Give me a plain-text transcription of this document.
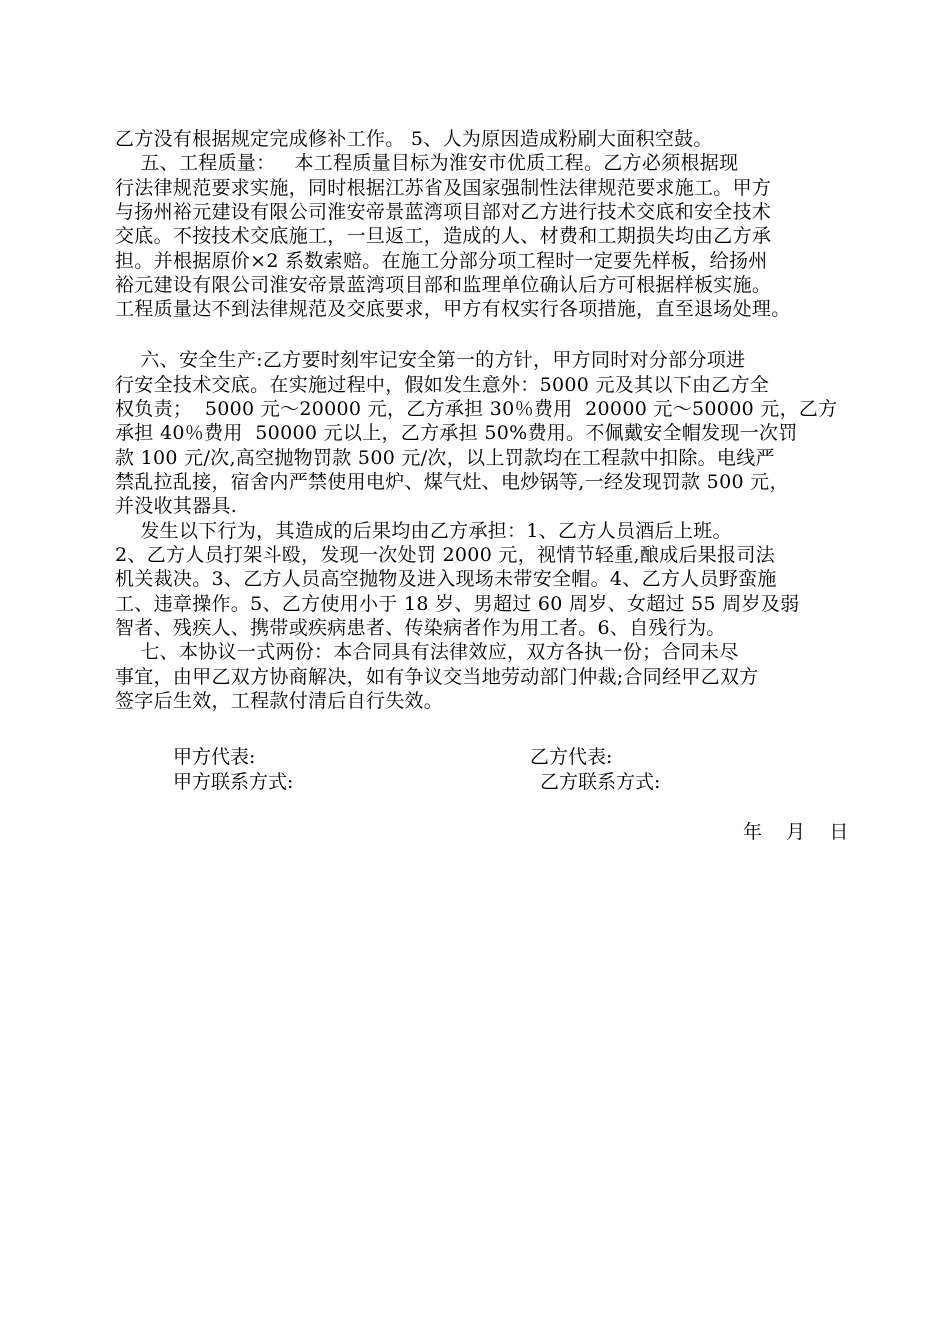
乙方没有根据规定完成修补工作。 5、人为原因造成粉刷大面积空鼓。
五、工程质量：   本工程质量目标为淮安市优质工程。乙方必须根据现
行法律规范要求实施，同时根据江苏省及国家强制性法律规范要求施工。甲方
与扬州裕元建设有限公司淮安帝景蓝湾项目部对乙方进行技术交底和安全技术
交底。不按技术交底施工，一旦返工，造成的人、材费和工期损失均由乙方承
担。并根据原价×2 系数索赔。在施工分部分项工程时一定要先样板，给扬州
裕元建设有限公司淮安帝景蓝湾项目部和监理单位确认后方可根据样板实施。
工程质量达不到法律规范及交底要求，甲方有权实行各项措施，直至退场处理。
六、安全生产:乙方要时刻牢记安全第一的方针，甲方同时对分部分项进
行安全技术交底。在实施过程中，假如发生意外：5000 元及其以下由乙方全
权负责；  5000 元～20000 元，乙方承担 30％费用  20000 元～50000 元，乙方
承担 40％费用  50000 元以上，乙方承担 50%费用。不佩戴安全帽发现一次罚
款 100 元/次,高空抛物罚款 500 元/次，以上罚款均在工程款中扣除。电线严
禁乱拉乱接，宿舍内严禁使用电炉、煤气灶、电炒锅等,一经发现罚款 500 元，
并没收其器具.
发生以下行为，其造成的后果均由乙方承担：1、乙方人员酒后上班。
2、乙方人员打架斗殴，发现一次处罚 2000 元，视情节轻重,酿成后果报司法
机关裁决。3、乙方人员高空抛物及进入现场未带安全帽。4、乙方人员野蛮施
工、违章操作。5、乙方使用小于 18 岁、男超过 60 周岁、女超过 55 周岁及弱
智者、残疾人、携带或疾病患者、传染病者作为用工者。6、自残行为。
七、本协议一式两份：本合同具有法律效应，双方各执一份；合同未尽
事宜，由甲乙双方协商解决，如有争议交当地劳动部门仲裁;合同经甲乙双方
签字后生效，工程款付清后自行失效。
甲方代表:	乙方代表:
甲方联系方式:	乙方联系方式:
年    月    日
